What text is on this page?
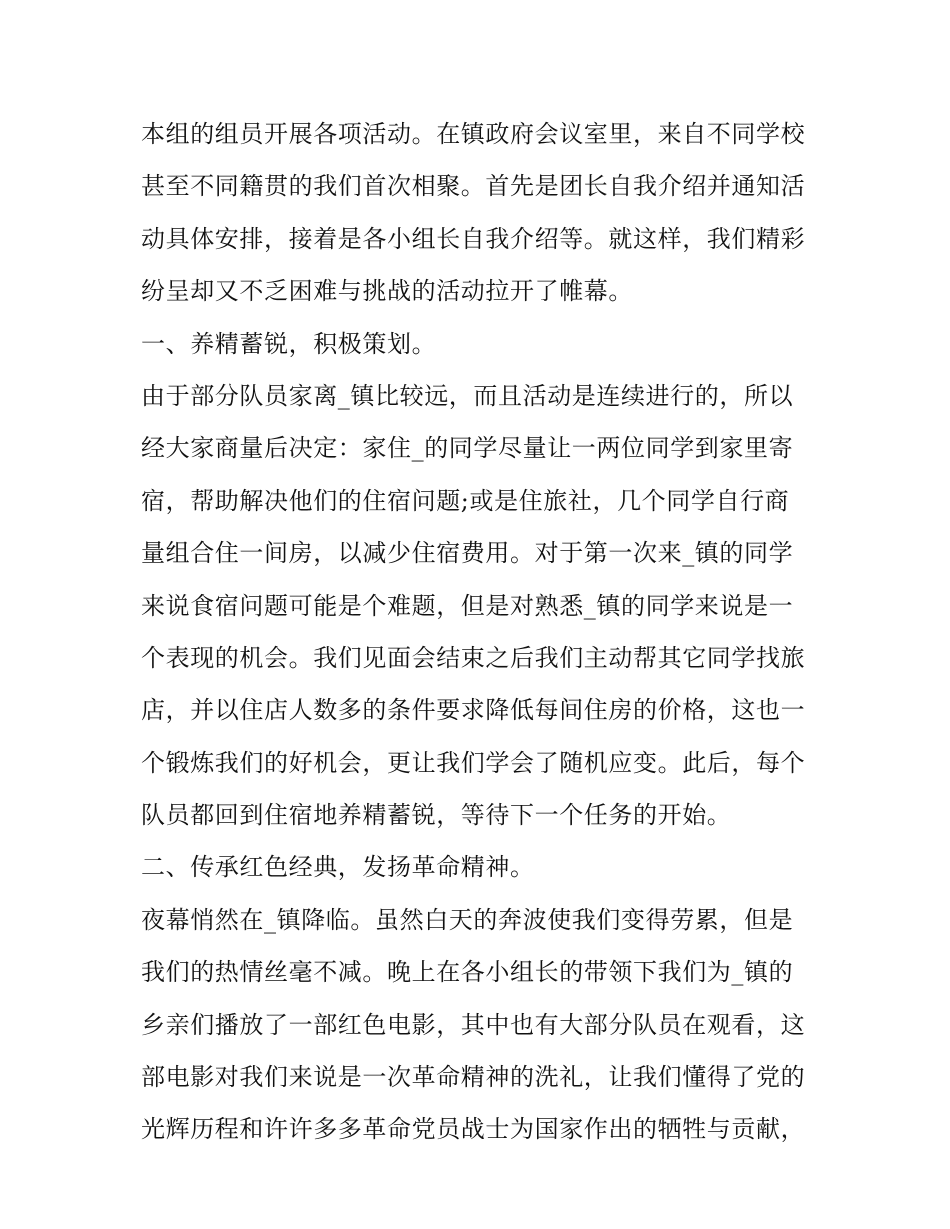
本组的组员开展各项活动。在镇政府会议室里，来自不同学校
甚至不同籍贯的我们首次相聚。首先是团长自我介绍并通知活
动具体安排，接着是各小组长自我介绍等。就这样，我们精彩
纷呈却又不乏困难与挑战的活动拉开了帷幕。
一、养精蓄锐，积极策划。
由于部分队员家离_镇比较远，而且活动是连续进行的，所以
经大家商量后决定：家住_的同学尽量让一两位同学到家里寄
宿，帮助解决他们的住宿问题;或是住旅社，几个同学自行商
量组合住一间房，以减少住宿费用。对于第一次来_镇的同学
来说食宿问题可能是个难题，但是对熟悉_镇的同学来说是一
个表现的机会。我们见面会结束之后我们主动帮其它同学找旅
店，并以住店人数多的条件要求降低每间住房的价格，这也一
个锻炼我们的好机会，更让我们学会了随机应变。此后，每个
队员都回到住宿地养精蓄锐，等待下一个任务的开始。
二、传承红色经典，发扬革命精神。
夜幕悄然在_镇降临。虽然白天的奔波使我们变得劳累，但是
我们的热情丝毫不减。晚上在各小组长的带领下我们为_镇的
乡亲们播放了一部红色电影，其中也有大部分队员在观看，这
部电影对我们来说是一次革命精神的洗礼，让我们懂得了党的
光辉历程和许许多多革命党员战士为国家作出的牺牲与贡献，
